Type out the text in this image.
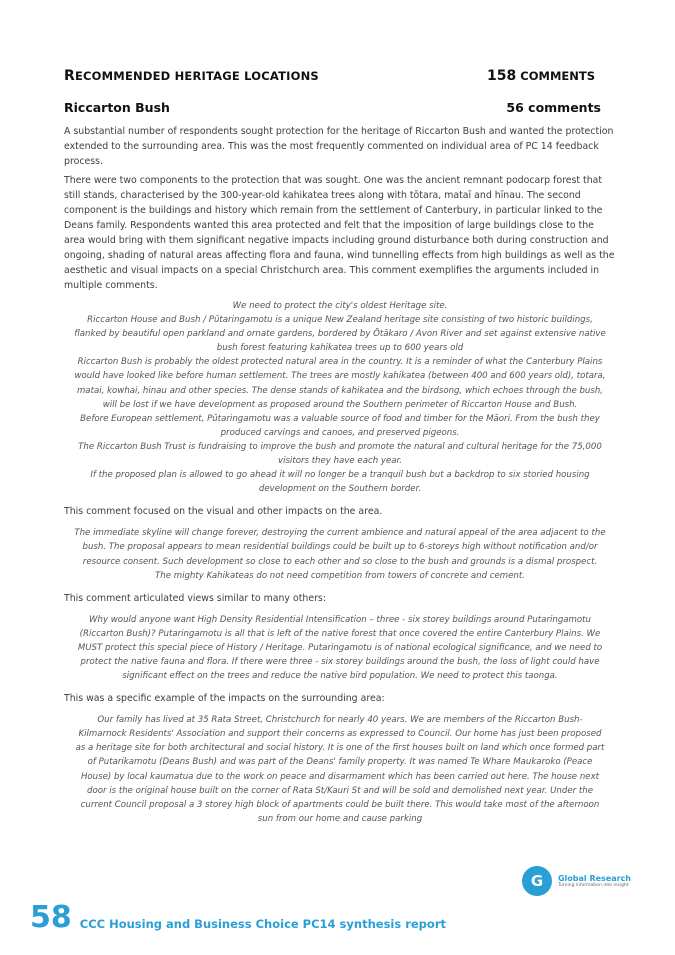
RECOMMENDED HERITAGE LOCATIONS	158 COMMENTS
Riccarton Bush	56 comments

A substantial number of respondents sought protection for the heritage of Riccarton Bush and wanted the protection extended to the surrounding area. This was the most frequently commented on individual area of PC 14 feedback process.

There were two components to the protection that was sought. One was the ancient remnant podocarp forest that still stands, characterised by the 300-year-old kahikatea trees along with tōtara, mataī and hīnau. The second component is the buildings and history which remain from the settlement of Canterbury, in particular linked to the Deans family. Respondents wanted this area protected and felt that the imposition of large buildings close to the area would bring with them significant negative impacts including ground disturbance both during construction and ongoing, shading of natural areas affecting flora and fauna, wind tunnelling effects from high buildings as well as the aesthetic and visual impacts on a special Christchurch area. This comment exemplifies the arguments included in multiple comments.

We need to protect the city's oldest Heritage site.
Riccarton House and Bush / Pūtaringamotu is a unique New Zealand heritage site consisting of two historic buildings, flanked by beautiful open parkland and ornate gardens, bordered by Ōtākaro / Avon River and set against extensive native bush forest featuring kahikatea trees up to 600 years old
Riccarton Bush is probably the oldest protected natural area in the country. It is a reminder of what the Canterbury Plains would have looked like before human settlement. The trees are mostly kahikatea (between 400 and 600 years old), totara, matai, kowhai, hinau and other species. The dense stands of kahikatea and the birdsong, which echoes through the bush, will be lost if we have development as proposed around the Southern perimeter of Riccarton House and Bush.
Before European settlement, Pūtaringamotu was a valuable source of food and timber for the Māori. From the bush they produced carvings and canoes, and preserved pigeons.
The Riccarton Bush Trust is fundraising to improve the bush and promote the natural and cultural heritage for the 75,000 visitors they have each year.
If the proposed plan is allowed to go ahead it will no longer be a tranquil bush but a backdrop to six storied housing development on the Southern border.

This comment focused on the visual and other impacts on the area.

The immediate skyline will change forever, destroying the current ambience and natural appeal of the area adjacent to the bush. The proposal appears to mean residential buildings could be built up to 6-storeys high without notification and/or resource consent. Such development so close to each other and so close to the bush and grounds is a dismal prospect. The mighty Kahikateas do not need competition from towers of concrete and cement.

This comment articulated views similar to many others:

Why would anyone want High Density Residential Intensification – three - six storey buildings around Putaringamotu (Riccarton Bush)? Putaringamotu is all that is left of the native forest that once covered the entire Canterbury Plains. We MUST protect this special piece of History / Heritage. Putaringamotu is of national ecological significance, and we need to protect the native fauna and flora. If there were three - six storey buildings around the bush, the loss of light could have significant effect on the trees and reduce the native bird population. We need to protect this taonga.

This was a specific example of the impacts on the surrounding area:

Our family has lived at 35 Rata Street, Christchurch for nearly 40 years. We are members of the Riccarton Bush-Kilmarnock Residents' Association and support their concerns as expressed to Council. Our home has just been proposed as a heritage site for both architectural and social history. It is one of the first houses built on land which once formed part of Putarikamotu (Deans Bush) and was part of the Deans' family property. It was named Te Whare Maukaroko (Peace House) by local kaumatua due to the work on peace and disarmament which has been carried out here. The house next door is the original house built on the corner of Rata St/Kauri St and will be sold and demolished next year. Under the current Council proposal a 3 storey high block of apartments could be built there. This would take most of the afternoon sun from our home and cause parking
G Global Research
Turning information into insight
58 CCC Housing and Business Choice PC14 synthesis report
